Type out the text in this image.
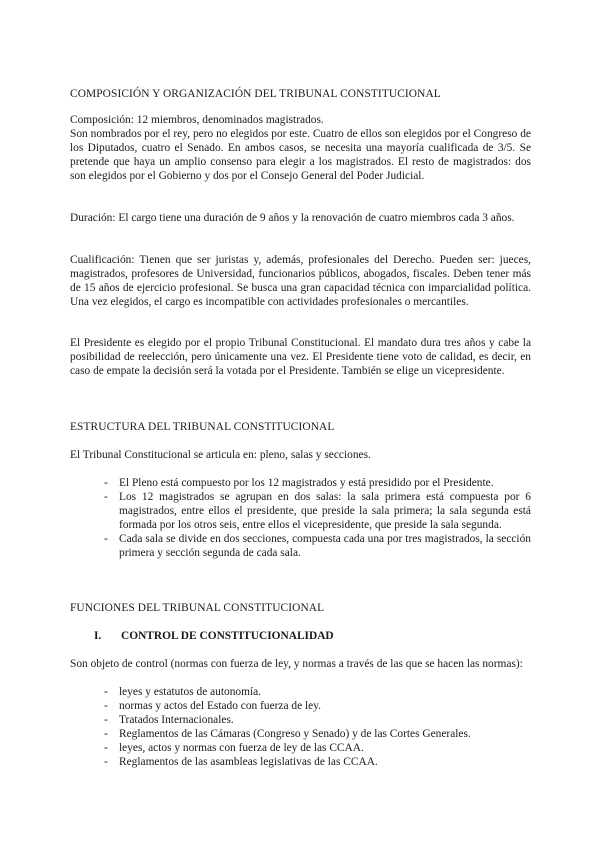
COMPOSICIÓN Y ORGANIZACIÓN DEL TRIBUNAL CONSTITUCIONAL

Composición: 12 miembros, denominados magistrados.

Son nombrados por el rey, pero no elegidos por este. Cuatro de ellos son elegidos por el Congreso de los Diputados, cuatro el Senado. En ambos casos, se necesita una mayoría cualificada de 3/5. Se pretende que haya un amplio consenso para elegir a los magistrados. El resto de magistrados: dos son elegidos por el Gobierno y dos por el Consejo General del Poder Judicial.

Duración: El cargo tiene una duración de 9 años y la renovación de cuatro miembros cada 3 años.
Cualificación: Tienen que ser juristas y, además, profesionales del Derecho. Pueden ser: jueces, magistrados, profesores de Universidad, funcionarios públicos, abogados, fiscales. Deben tener más de 15 años de ejercicio profesional. Se busca una gran capacidad técnica con imparcialidad política. Una vez elegidos, el cargo es incompatible con actividades profesionales o mercantiles.
El Presidente es elegido por el propio Tribunal Constitucional. El mandato dura tres años y cabe la posibilidad de reelección, pero únicamente una vez. El Presidente tiene voto de calidad, es decir, en caso de empate la decisión será la votada por el Presidente. También se elige un vicepresidente.
ESTRUCTURA DEL TRIBUNAL CONSTITUCIONAL
El Tribunal Constitucional se articula en: pleno, salas y secciones.
- El Pleno está compuesto por los 12 magistrados y está presidido por el Presidente.
- Los 12 magistrados se agrupan en dos salas: la sala primera está compuesta por 6 magistrados, entre ellos el presidente, que preside la sala primera; la sala segunda está formada por los otros seis, entre ellos el vicepresidente, que preside la sala segunda.
- Cada sala se divide en dos secciones, compuesta cada una por tres magistrados, la sección primera y sección segunda de cada sala.
FUNCIONES DEL TRIBUNAL CONSTITUCIONAL
I. CONTROL DE CONSTITUCIONALIDAD
Son objeto de control (normas con fuerza de ley, y normas a través de las que se hacen las normas):
- leyes y estatutos de autonomía.
- normas y actos del Estado con fuerza de ley.
- Tratados Internacionales.
- Reglamentos de las Cámaras (Congreso y Senado) y de las Cortes Generales.
- leyes, actos y normas con fuerza de ley de las CCAA.
- Reglamentos de las asambleas legislativas de las CCAA.
